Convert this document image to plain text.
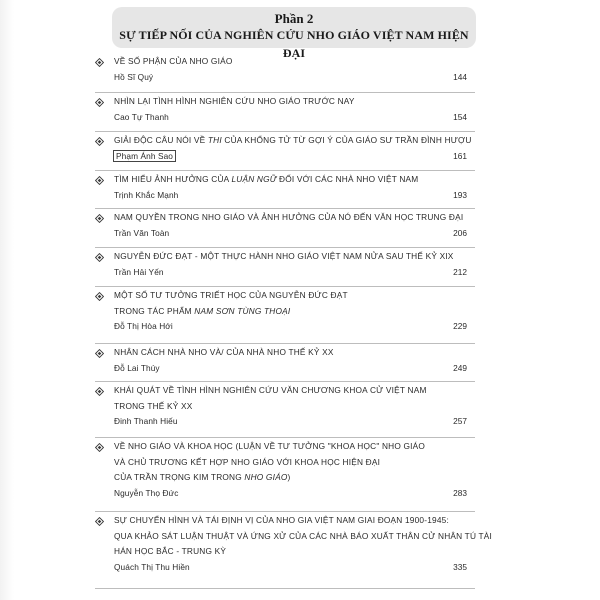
Phần 2
SỰ TIẾP NỐI CỦA NGHIÊN CỨU NHO GIÁO VIỆT NAM HIỆN ĐẠI
VỀ SỐ PHẬN CỦA NHO GIÁO
Hồ Sĩ Quý	144
NHÌN LẠI TÌNH HÌNH NGHIÊN CỨU NHO GIÁO TRƯỚC NAY
Cao Tự Thanh	154
GIẢI ĐỘC CÂU NÓI VỀ THI CỦA KHỔNG TỬ TỪ GỢI Ý CỦA GIÁO SƯ TRẦN ĐÌNH HƯỢU
Phạm Ánh Sao	161
TÌM HIỂU ẢNH HƯỞNG CỦA LUẬN NGỮ ĐỐI VỚI CÁC NHÀ NHO VIỆT NAM
Trịnh Khắc Mạnh	193
NAM QUYỀN TRONG NHO GIÁO VÀ ẢNH HƯỞNG CỦA NÓ ĐẾN VĂN HỌC TRUNG ĐẠI
Trần Văn Toàn	206
NGUYỄN ĐỨC ĐẠT - MỘT THỰC HÀNH NHO GIÁO VIỆT NAM NỬA SAU THẾ KỶ XIX
Trần Hải Yến	212
MỘT SỐ TƯ TƯỞNG TRIẾT HỌC CỦA NGUYỄN ĐỨC ĐẠT
TRONG TÁC PHẨM NAM SƠN TÙNG THOẠI
Đỗ Thị Hòa Hới	229
NHÂN CÁCH NHÀ NHO VÀ/ CỦA NHÀ NHO THẾ KỶ XX
Đỗ Lai Thúy	249
KHÁI QUÁT VỀ TÌNH HÌNH NGHIÊN CỨU VĂN CHƯƠNG KHOA CỬ VIỆT NAM
TRONG THẾ KỶ XX
Đinh Thanh Hiếu	257
VỀ NHO GIÁO VÀ KHOA HỌC (LUẬN VỀ TƯ TƯỞNG "KHOA HỌC" NHO GIÁO
VÀ CHỦ TRƯƠNG KẾT HỢP NHO GIÁO VỚI KHOA HỌC HIỆN ĐẠI
CỦA TRẦN TRỌNG KIM TRONG NHO GIÁO)
Nguyễn Thọ Đức	283
SỰ CHUYỂN HÌNH VÀ TÁI ĐỊNH VỊ CỦA NHO GIA VIỆT NAM GIAI ĐOẠN 1900-1945:
QUA KHẢO SÁT LUẬN THUẬT VÀ ỨNG XỬ CỦA CÁC NHÀ BÁO XUẤT THÂN CỬ NHÂN TÚ TÀI
HÁN HỌC BẮC - TRUNG KỲ
Quách Thị Thu Hiền	335
